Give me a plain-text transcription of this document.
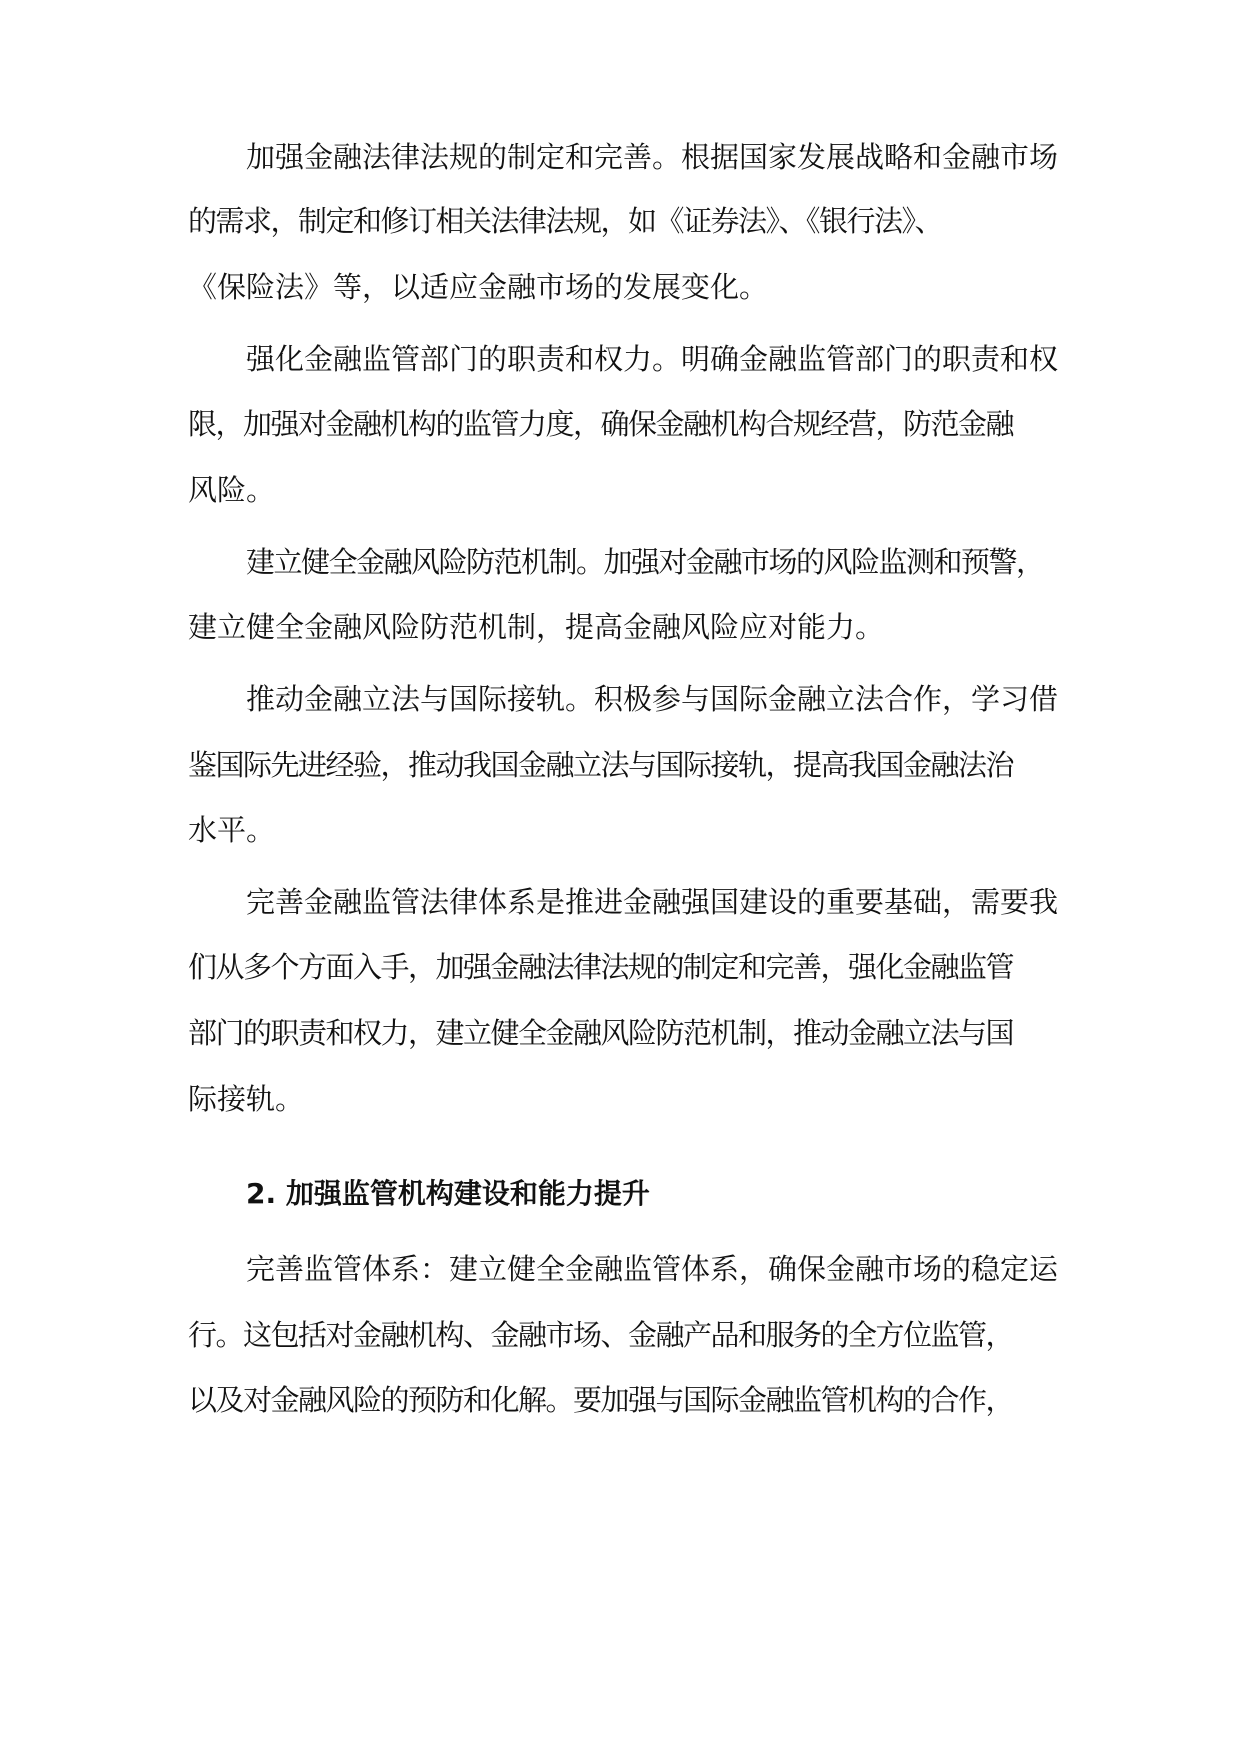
加强金融法律法规的制定和完善。根据国家发展战略和金融市场
的需求，制定和修订相关法律法规，如《证券法》、《银行法》、
《保险法》等，以适应金融市场的发展变化。
强化金融监管部门的职责和权力。明确金融监管部门的职责和权
限，加强对金融机构的监管力度，确保金融机构合规经营，防范金融
风险。
建立健全金融风险防范机制。加强对金融市场的风险监测和预警，
建立健全金融风险防范机制，提高金融风险应对能力。
推动金融立法与国际接轨。积极参与国际金融立法合作，学习借
鉴国际先进经验，推动我国金融立法与国际接轨，提高我国金融法治
水平。
完善金融监管法律体系是推进金融强国建设的重要基础，需要我
们从多个方面入手，加强金融法律法规的制定和完善，强化金融监管
部门的职责和权力，建立健全金融风险防范机制，推动金融立法与国
际接轨。
2. 加强监管机构建设和能力提升
完善监管体系：建立健全金融监管体系，确保金融市场的稳定运
行。这包括对金融机构、金融市场、金融产品和服务的全方位监管，
以及对金融风险的预防和化解。要加强与国际金融监管机构的合作，
